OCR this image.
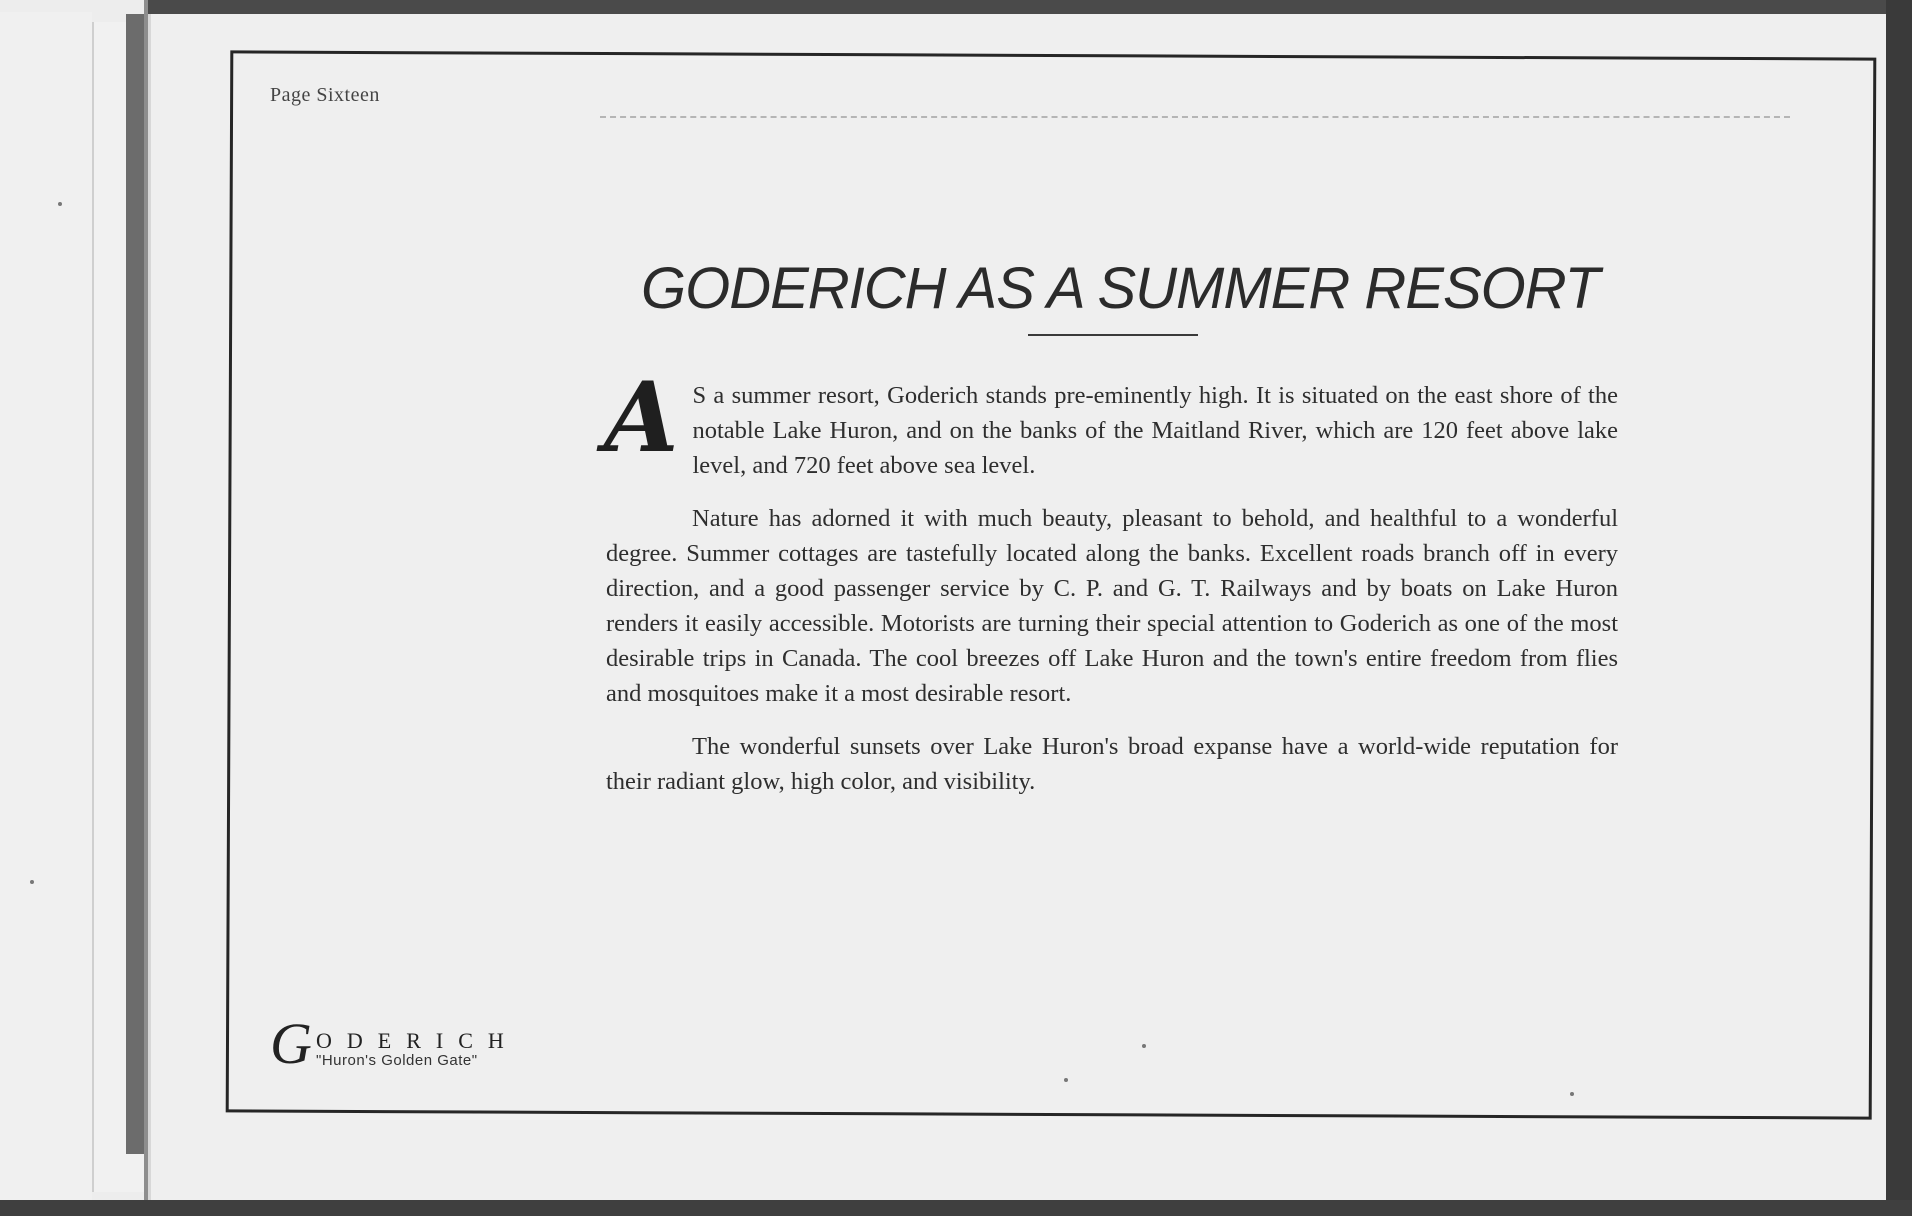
Page Sixteen
GODERICH AS A SUMMER RESORT

A S a summer resort, Goderich stands pre-eminently high. It is situated on the east shore of the notable Lake Huron, and on the banks of the Maitland River, which are 120 feet above lake level, and 720 feet above sea level.

Nature has adorned it with much beauty, pleasant to behold, and healthful to a wonderful degree. Summer cottages are tastefully located along the banks. Excellent roads branch off in every direction, and a good passenger service by C. P. and G. T. Railways and by boats on Lake Huron renders it easily accessible. Motorists are turning their special attention to Goderich as one of the most desirable trips in Canada. The cool breezes off Lake Huron and the town's entire freedom from flies and mosquitoes make it a most desirable resort.

The wonderful sunsets over Lake Huron's broad expanse have a world-wide reputation for their radiant glow, high color, and visibility.

G ODERICH
"Huron's Golden Gate"
